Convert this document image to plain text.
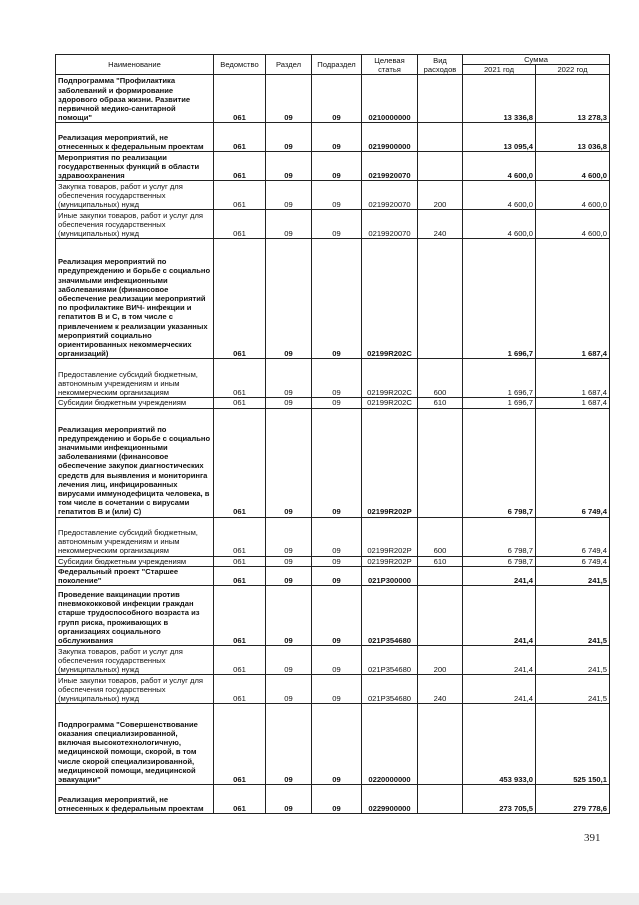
Наименование	Ведомство	Раздел	Подраздел	Целевая статья	Вид расходов	Сумма	
						2021 год	2022 год
Подпрограмма "Профилактика заболеваний и формирование здорового образа жизни. Развитие первичной медико-санитарной помощи"	061	09	09	0210000000		13 336,8	13 278,3
Реализация мероприятий, не отнесенных к федеральным проектам	061	09	09	0219900000		13 095,4	13 036,8
Мероприятия по реализации государственных функций в области здравоохранения	061	09	09	0219920070		4 600,0	4 600,0
Закупка товаров, работ и услуг для обеспечения государственных (муниципальных) нужд	061	09	09	0219920070	200	4 600,0	4 600,0
Иные закупки товаров, работ и услуг для обеспечения государственных (муниципальных) нужд	061	09	09	0219920070	240	4 600,0	4 600,0
Реализация мероприятий по предупреждению и борьбе с социально значимыми инфекционными заболеваниями (финансовое обеспечение реализации мероприятий по профилактике ВИЧ- инфекции и гепатитов В и С, в том числе с привлечением к реализации указанных мероприятий социально ориентированных некоммерческих организаций)	061	09	09	02199R202C		1 696,7	1 687,4
Предоставление субсидий бюджетным, автономным учреждениям и иным некоммерческим организациям	061	09	09	02199R202C	600	1 696,7	1 687,4
Субсидии бюджетным учреждениям	061	09	09	02199R202C	610	1 696,7	1 687,4
Реализация мероприятий по предупреждению и борьбе с социально значимыми инфекционными заболеваниями (финансовое обеспечение закупок диагностических средств для выявления и мониторинга лечения лиц, инфицированных вирусами иммунодефицита человека, в том числе в сочетании с вирусами гепатитов В и (или) С)	061	09	09	02199R202P		6 798,7	6 749,4
Предоставление субсидий бюджетным, автономным учреждениям и иным некоммерческим организациям	061	09	09	02199R202P	600	6 798,7	6 749,4
Субсидии бюджетным учреждениям	061	09	09	02199R202P	610	6 798,7	6 749,4
Федеральный проект "Старшее поколение"	061	09	09	021P300000		241,4	241,5
Проведение вакцинации против пневмококковой инфекции граждан старше трудоспособного возраста из групп риска, проживающих в организациях социального обслуживания	061	09	09	021P354680		241,4	241,5
Закупка товаров, работ и услуг для обеспечения государственных (муниципальных) нужд	061	09	09	021P354680	200	241,4	241,5
Иные закупки товаров, работ и услуг для обеспечения государственных (муниципальных) нужд	061	09	09	021P354680	240	241,4	241,5
Подпрограмма "Совершенствование оказания специализированной, включая высокотехнологичную, медицинской помощи, скорой, в том числе скорой специализированной, медицинской помощи, медицинской эвакуации"	061	09	09	0220000000		453 933,0	525 150,1
Реализация мероприятий, не отнесенных к федеральным проектам	061	09	09	0229900000		273 705,5	279 778,6
391
